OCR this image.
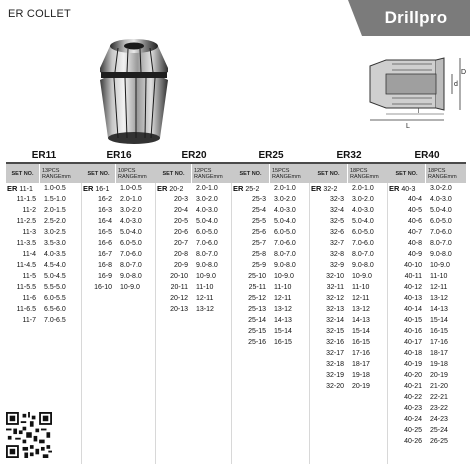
ER COLLET	Drillpro
d
D
L
l
ER11
SET NO.	13PCS
RANGEmm
ER 11-1	1.0-0.5
11-1.5	1.5-1.0
11-2	2.0-1.5
11-2.5	2.5-2.0
11-3	3.0-2.5
11-3.5	3.5-3.0
11-4	4.0-3.5
11-4.5	4.5-4.0
11-5	5.0-4.5
11-5.5	5.5-5.0
11-6	6.0-5.5
11-6.5	6.5-6.0
11-7	7.0-6.5
ER16
SET NO.	10PCS
RANGEmm
ER 16-1	1.0-0.5
16-2	2.0-1.0
16-3	3.0-2.0
16-4	4.0-3.0
16-5	5.0-4.0
16-6	6.0-5.0
16-7	7.0-6.0
16-8	8.0-7.0
16-9	9.0-8.0
16-10	10-9.0
ER20
SET NO.	12PCS
RANGEmm
ER 20-2	2.0-1.0
20-3	3.0-2.0
20-4	4.0-3.0
20-5	5.0-4.0
20-6	6.0-5.0
20-7	7.0-6.0
20-8	8.0-7.0
20-9	9.0-8.0
20-10	10-9.0
20-11	11-10
20-12	12-11
20-13	13-12
ER25
SET NO.	15PCS
RANGEmm
ER 25-2	2.0-1.0
25-3	3.0-2.0
25-4	4.0-3.0
25-5	5.0-4.0
25-6	6.0-5.0
25-7	7.0-6.0
25-8	8.0-7.0
25-9	9.0-8.0
25-10	10-9.0
25-11	11-10
25-12	12-11
25-13	13-12
25-14	14-13
25-15	15-14
25-16	16-15
ER32
SET NO.	18PCS
RANGEmm
ER 32-2	2.0-1.0
32-3	3.0-2.0
32-4	4.0-3.0
32-5	5.0-4.0
32-6	6.0-5.0
32-7	7.0-6.0
32-8	8.0-7.0
32-9	9.0-8.0
32-10	10-9.0
32-11	11-10
32-12	12-11
32-13	13-12
32-14	14-13
32-15	15-14
32-16	16-15
32-17	17-16
32-18	18-17
32-19	19-18
32-20	20-19
ER40
SET NO.	18PCS
RANGEmm
ER 40-3	3.0-2.0
40-4	4.0-3.0
40-5	5.0-4.0
40-6	6.0-5.0
40-7	7.0-6.0
40-8	8.0-7.0
40-9	9.0-8.0
40-10	10-9.0
40-11	11-10
40-12	12-11
40-13	13-12
40-14	14-13
40-15	15-14
40-16	16-15
40-17	17-16
40-18	18-17
40-19	19-18
40-20	20-19
40-21	21-20
40-22	22-21
40-23	23-22
40-24	24-23
40-25	25-24
40-26	26-25
